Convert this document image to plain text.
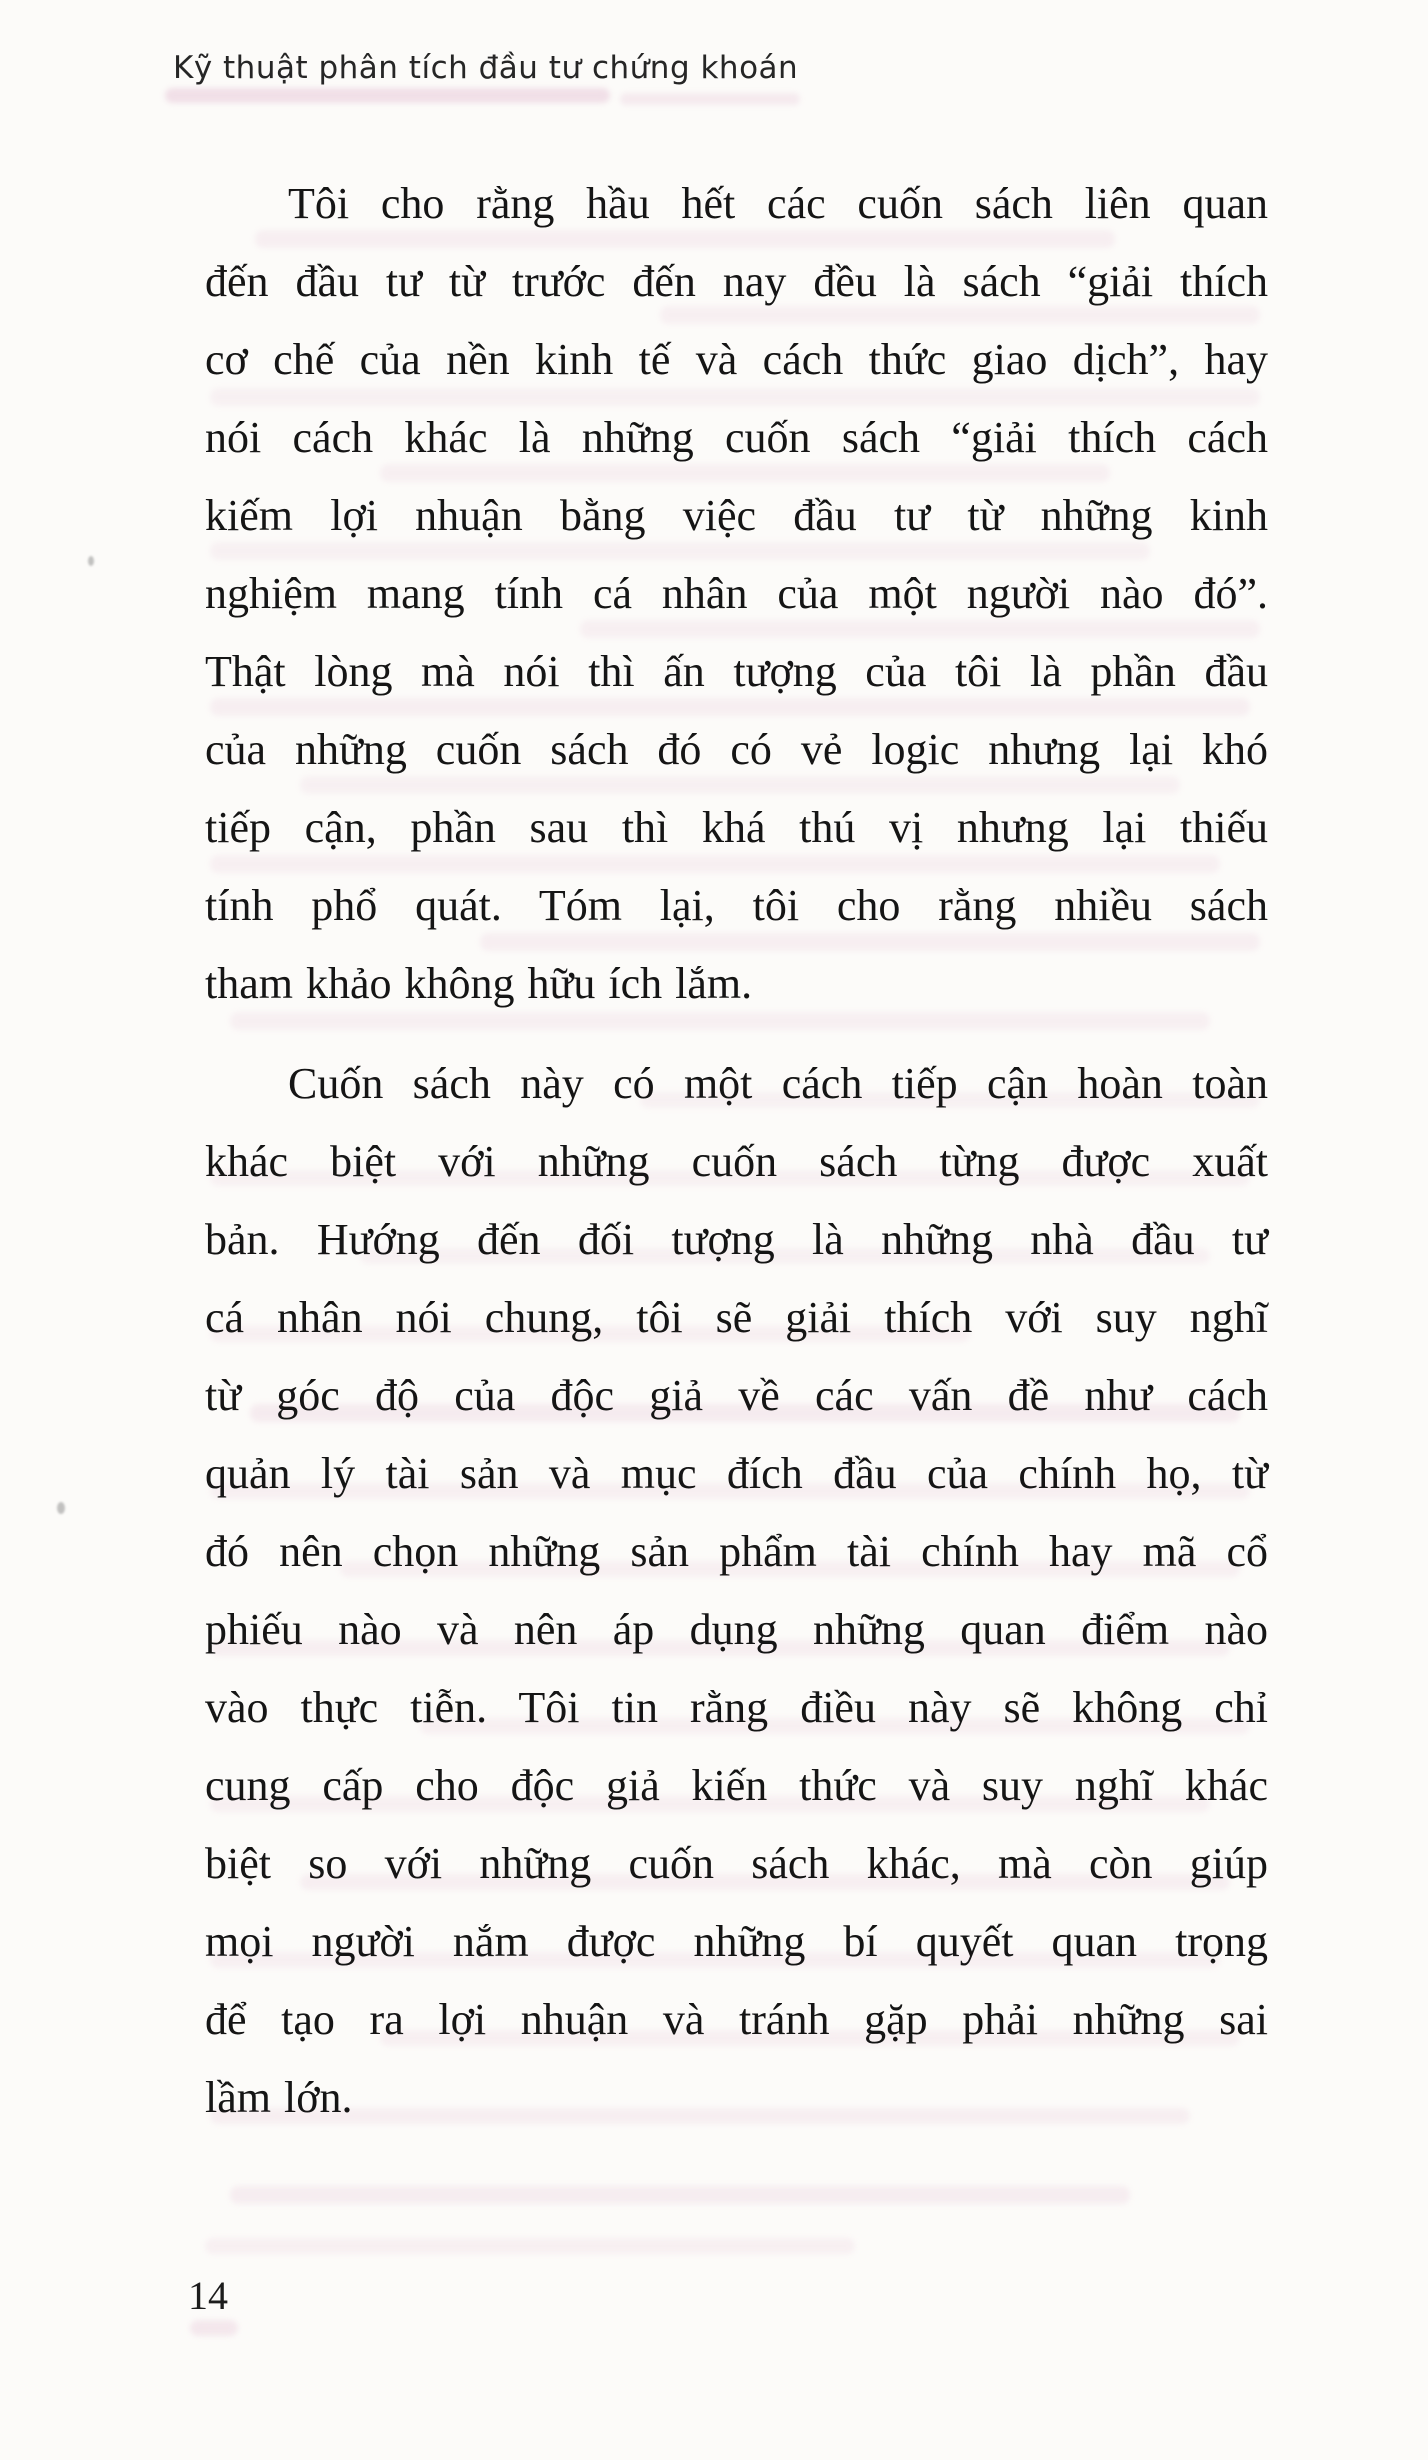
Kỹ thuật phân tích đầu tư chứng khoán
Tôi cho rằng hầu hết các cuốn sách liên quan
đến đầu tư từ trước đến nay đều là sách “giải thích
cơ chế của nền kinh tế và cách thức giao dịch”, hay
nói cách khác là những cuốn sách “giải thích cách
kiếm lợi nhuận bằng việc đầu tư từ những kinh
nghiệm mang tính cá nhân của một người nào đó”.
Thật lòng mà nói thì ấn tượng của tôi là phần đầu
của những cuốn sách đó có vẻ logic nhưng lại khó
tiếp cận, phần sau thì khá thú vị nhưng lại thiếu
tính phổ quát. Tóm lại, tôi cho rằng nhiều sách
tham khảo không hữu ích lắm.
Cuốn sách này có một cách tiếp cận hoàn toàn
khác biệt với những cuốn sách từng được xuất
bản. Hướng đến đối tượng là những nhà đầu tư
cá nhân nói chung, tôi sẽ giải thích với suy nghĩ
từ góc độ của độc giả về các vấn đề như cách
quản lý tài sản và mục đích đầu của chính họ, từ
đó nên chọn những sản phẩm tài chính hay mã cổ
phiếu nào và nên áp dụng những quan điểm nào
vào thực tiễn. Tôi tin rằng điều này sẽ không chỉ
cung cấp cho độc giả kiến thức và suy nghĩ khác
biệt so với những cuốn sách khác, mà còn giúp
mọi người nắm được những bí quyết quan trọng
để tạo ra lợi nhuận và tránh gặp phải những sai
lầm lớn.
14
